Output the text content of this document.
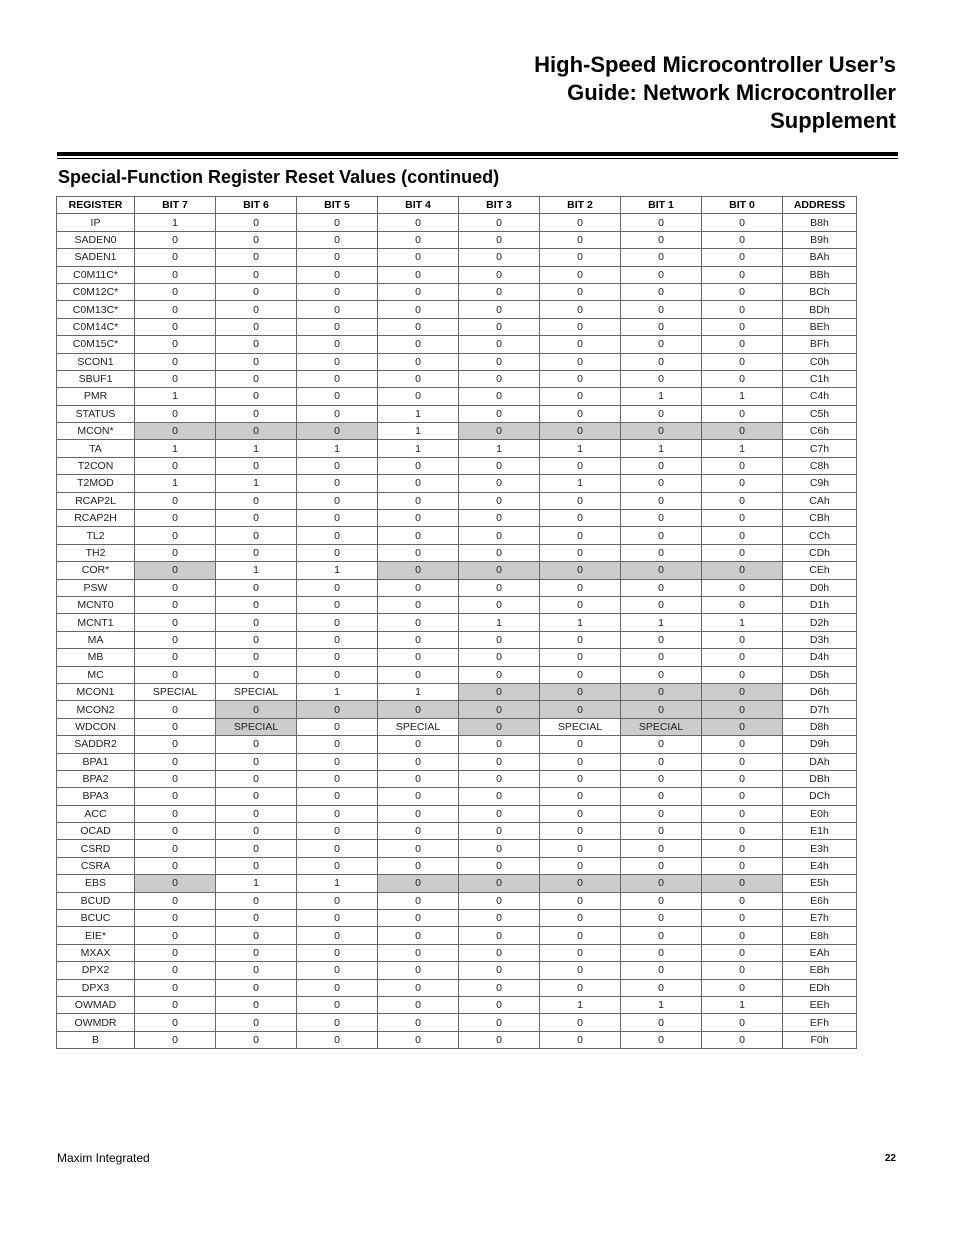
High-Speed Microcontroller User’s
Guide: Network Microcontroller
Supplement
Special-Function Register Reset Values (continued)
REGISTER	BIT 7	BIT 6	BIT 5	BIT 4	BIT 3	BIT 2	BIT 1	BIT 0	ADDRESS
IP	1	0	0	0	0	0	0	0	B8h
SADEN0	0	0	0	0	0	0	0	0	B9h
SADEN1	0	0	0	0	0	0	0	0	BAh
C0M11C*	0	0	0	0	0	0	0	0	BBh
C0M12C*	0	0	0	0	0	0	0	0	BCh
C0M13C*	0	0	0	0	0	0	0	0	BDh
C0M14C*	0	0	0	0	0	0	0	0	BEh
C0M15C*	0	0	0	0	0	0	0	0	BFh
SCON1	0	0	0	0	0	0	0	0	C0h
SBUF1	0	0	0	0	0	0	0	0	C1h
PMR	1	0	0	0	0	0	1	1	C4h
STATUS	0	0	0	1	0	0	0	0	C5h
MCON*	0	0	0	1	0	0	0	0	C6h
TA	1	1	1	1	1	1	1	1	C7h
T2CON	0	0	0	0	0	0	0	0	C8h
T2MOD	1	1	0	0	0	1	0	0	C9h
RCAP2L	0	0	0	0	0	0	0	0	CAh
RCAP2H	0	0	0	0	0	0	0	0	CBh
TL2	0	0	0	0	0	0	0	0	CCh
TH2	0	0	0	0	0	0	0	0	CDh
COR*	0	1	1	0	0	0	0	0	CEh
PSW	0	0	0	0	0	0	0	0	D0h
MCNT0	0	0	0	0	0	0	0	0	D1h
MCNT1	0	0	0	0	1	1	1	1	D2h
MA	0	0	0	0	0	0	0	0	D3h
MB	0	0	0	0	0	0	0	0	D4h
MC	0	0	0	0	0	0	0	0	D5h
MCON1	SPECIAL	SPECIAL	1	1	0	0	0	0	D6h
MCON2	0	0	0	0	0	0	0	0	D7h
WDCON	0	SPECIAL	0	SPECIAL	0	SPECIAL	SPECIAL	0	D8h
SADDR2	0	0	0	0	0	0	0	0	D9h
BPA1	0	0	0	0	0	0	0	0	DAh
BPA2	0	0	0	0	0	0	0	0	DBh
BPA3	0	0	0	0	0	0	0	0	DCh
ACC	0	0	0	0	0	0	0	0	E0h
OCAD	0	0	0	0	0	0	0	0	E1h
CSRD	0	0	0	0	0	0	0	0	E3h
CSRA	0	0	0	0	0	0	0	0	E4h
EBS	0	1	1	0	0	0	0	0	E5h
BCUD	0	0	0	0	0	0	0	0	E6h
BCUC	0	0	0	0	0	0	0	0	E7h
EIE*	0	0	0	0	0	0	0	0	E8h
MXAX	0	0	0	0	0	0	0	0	EAh
DPX2	0	0	0	0	0	0	0	0	EBh
DPX3	0	0	0	0	0	0	0	0	EDh
OWMAD	0	0	0	0	0	1	1	1	EEh
OWMDR	0	0	0	0	0	0	0	0	EFh
B	0	0	0	0	0	0	0	0	F0h
Maxim Integrated	22
